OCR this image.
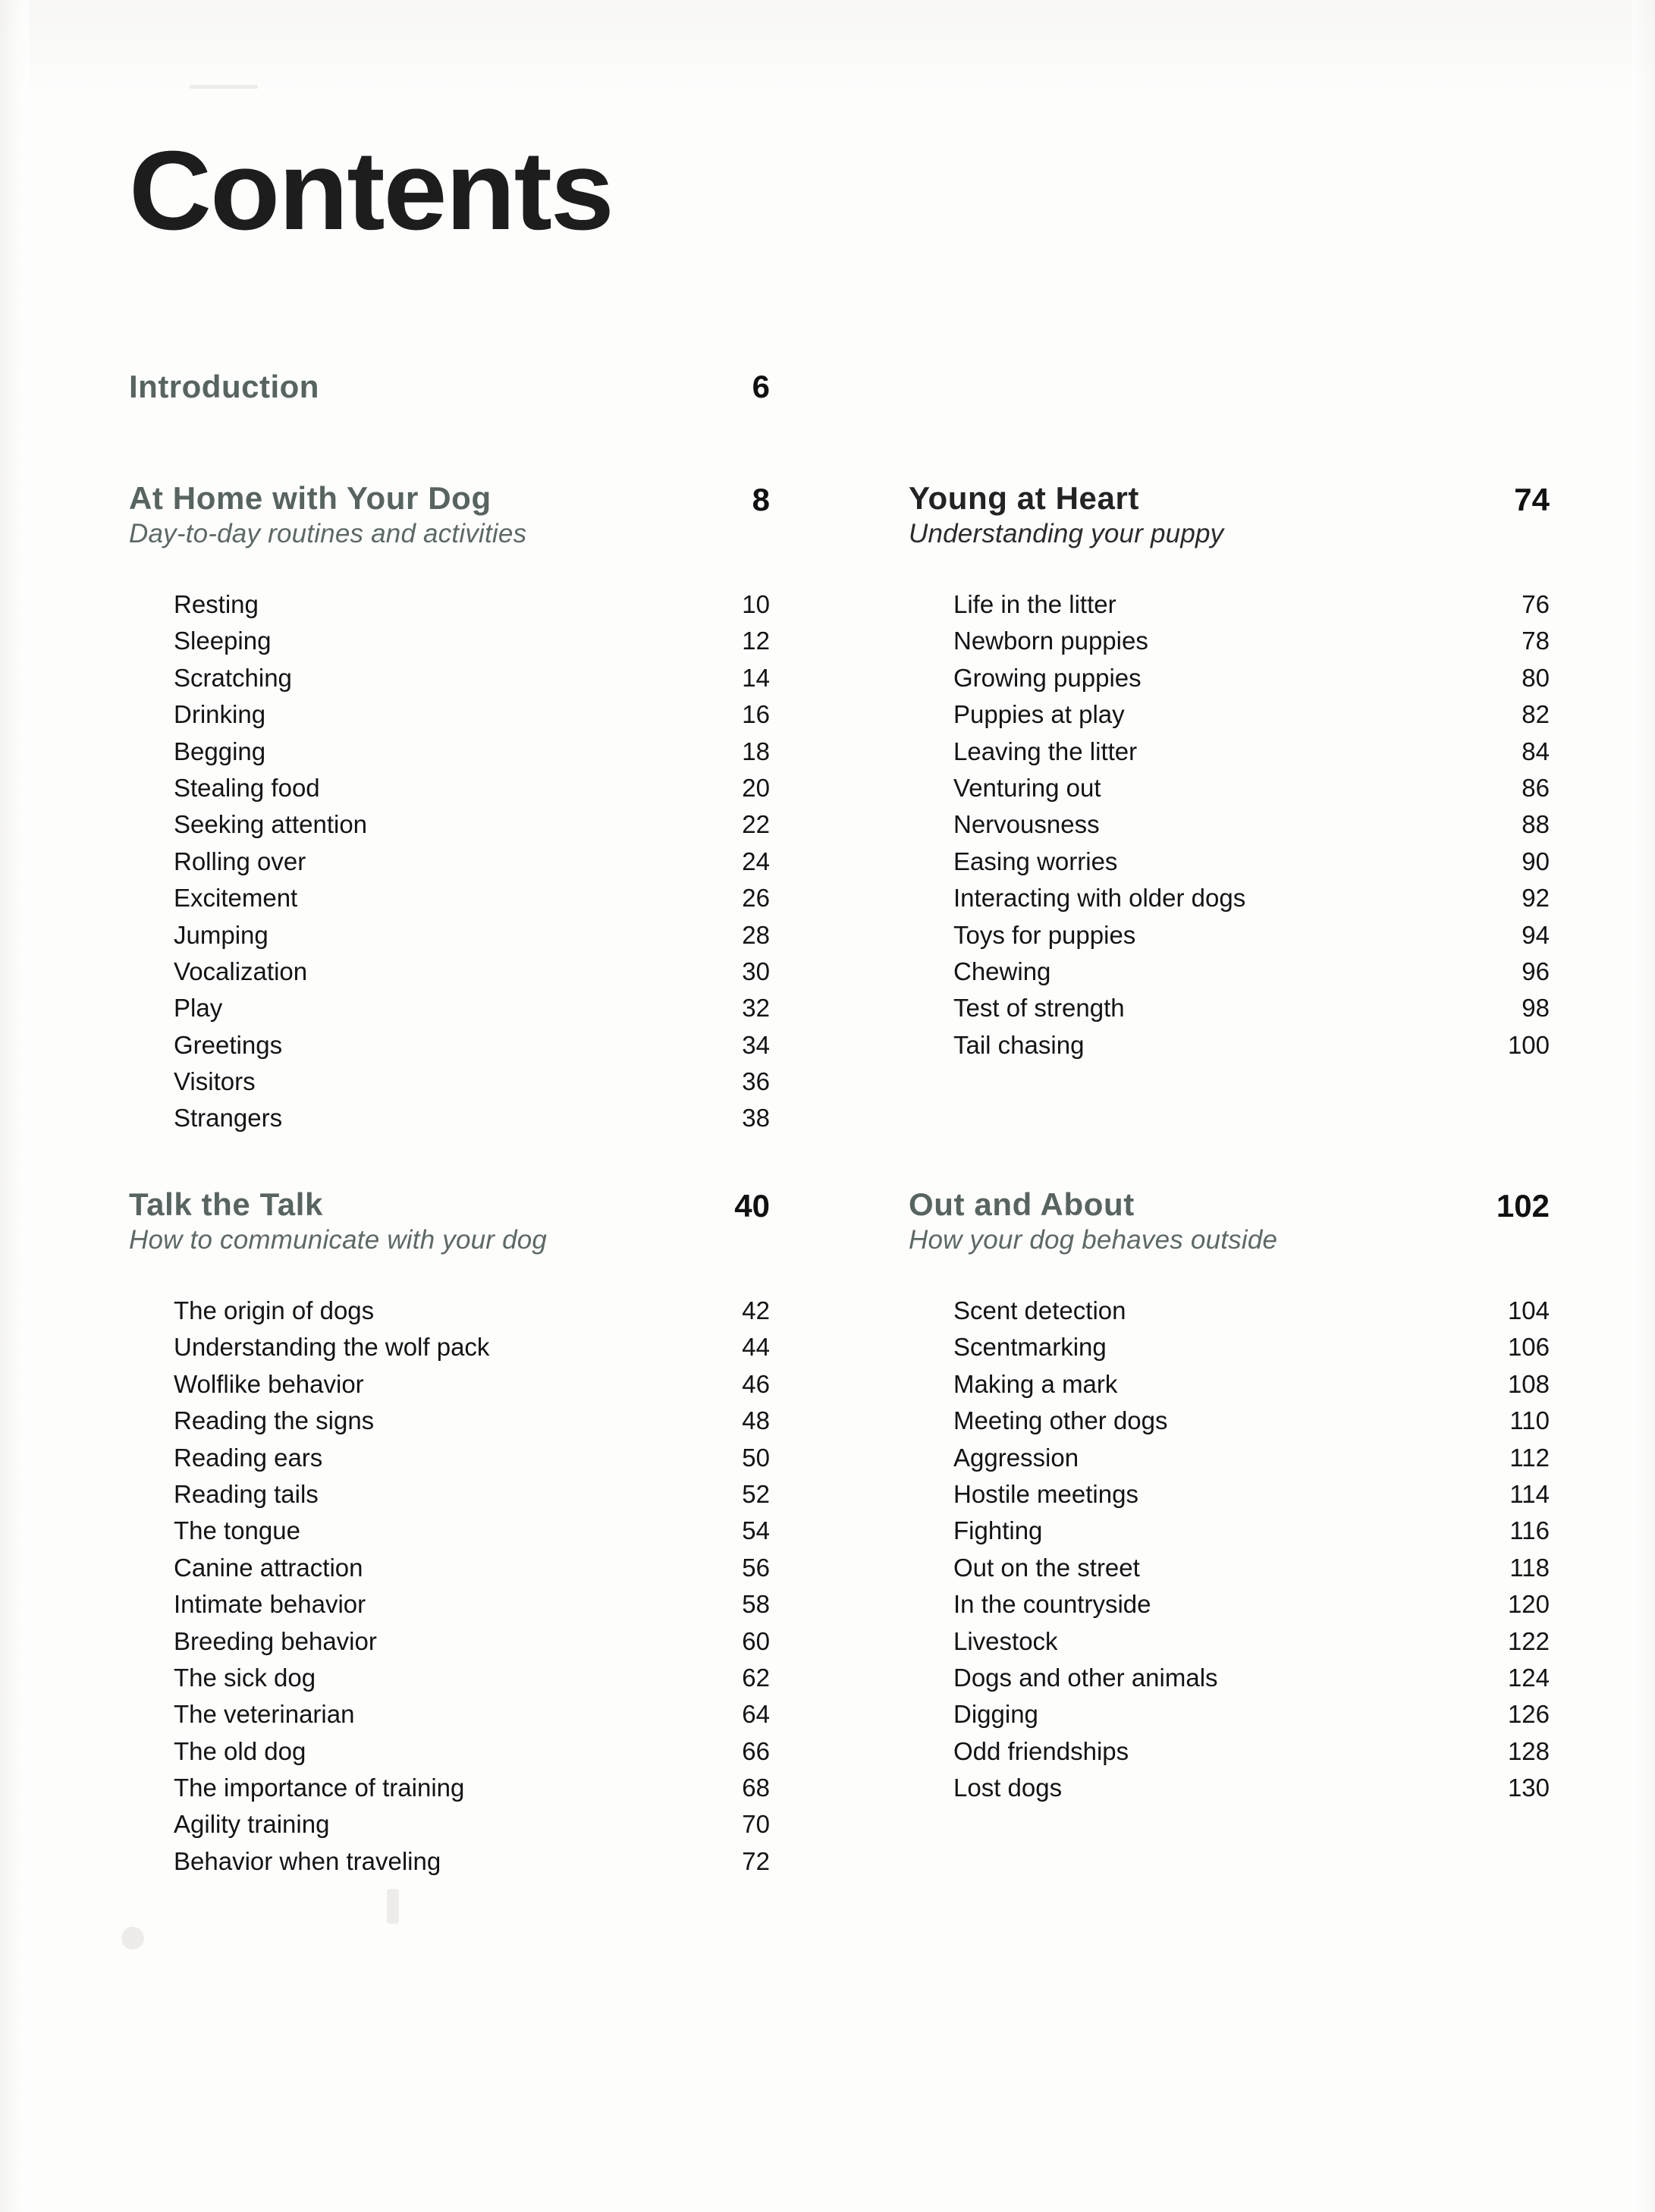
Contents
Introduction	6
At Home with Your Dog	8
Day-to-day routines and activities
Resting	10
Sleeping	12
Scratching	14
Drinking	16
Begging	18
Stealing food	20
Seeking attention	22
Rolling over	24
Excitement	26
Jumping	28
Vocalization	30
Play	32
Greetings	34
Visitors	36
Strangers	38
Talk the Talk	40
How to communicate with your dog
The origin of dogs	42
Understanding the wolf pack	44
Wolflike behavior	46
Reading the signs	48
Reading ears	50
Reading tails	52
The tongue	54
Canine attraction	56
Intimate behavior	58
Breeding behavior	60
The sick dog	62
The veterinarian	64
The old dog	66
The importance of training	68
Agility training	70
Behavior when traveling	72
Young at Heart	74
Understanding your puppy
Life in the litter	76
Newborn puppies	78
Growing puppies	80
Puppies at play	82
Leaving the litter	84
Venturing out	86
Nervousness	88
Easing worries	90
Interacting with older dogs	92
Toys for puppies	94
Chewing	96
Test of strength	98
Tail chasing	100
Out and About	102
How your dog behaves outside
Scent detection	104
Scentmarking	106
Making a mark	108
Meeting other dogs	110
Aggression	112
Hostile meetings	114
Fighting	116
Out on the street	118
In the countryside	120
Livestock	122
Dogs and other animals	124
Digging	126
Odd friendships	128
Lost dogs	130
